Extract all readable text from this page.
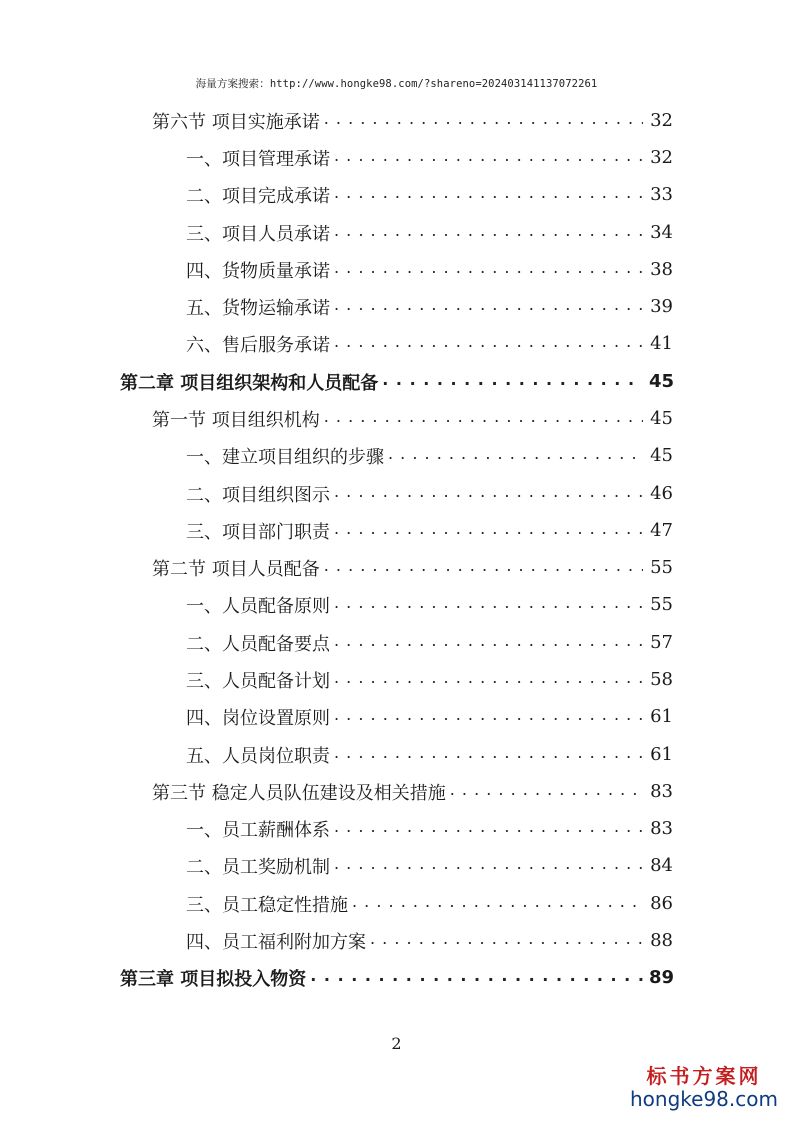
海量方案搜索：http://www.hongke98.com/?shareno=202403141137072261
第六节 项目实施承诺 . . .	32
一、项目管理承诺 . . .	32
二、项目完成承诺 . . .	33
三、项目人员承诺 . . .	34
四、货物质量承诺 . . .	38
五、货物运输承诺 . . .	39
六、售后服务承诺 . . .	41
第二章 项目组织架构和人员配备 . . .	45
第一节 项目组织机构 . . .	45
一、建立项目组织的步骤 . . .	45
二、项目组织图示 . . .	46
三、项目部门职责 . . .	47
第二节 项目人员配备 . . .	55
一、人员配备原则 . . .	55
二、人员配备要点 . . .	57
三、人员配备计划 . . .	58
四、岗位设置原则 . . .	61
五、人员岗位职责 . . .	61
第三节 稳定人员队伍建设及相关措施 . . .	83
一、员工薪酬体系 . . .	83
二、员工奖励机制 . . .	84
三、员工稳定性措施 . . .	86
四、员工福利附加方案 . . .	88
第三章 项目拟投入物资 . . .	89
2
标书方案网
hongke98.com
